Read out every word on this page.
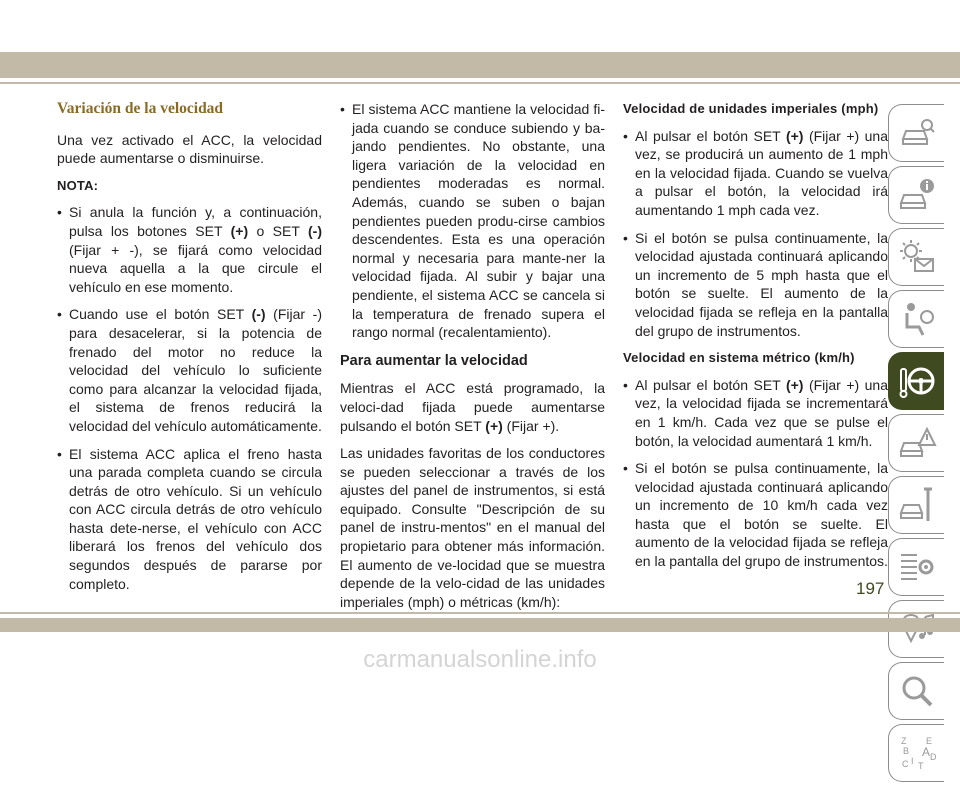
Variación de la velocidad

Una vez activado el ACC, la velocidad puede aumentarse o disminuirse.

NOTA:
• Si anula la función y, a continuación, pulsa los botones SET (+) o SET (-) (Fijar + -), se fijará como velocidad nueva aquella a la que circule el vehículo en ese momento.
• Cuando use el botón SET (-) (Fijar -) para desacelerar, si la potencia de frenado del motor no reduce la velocidad del vehículo lo suficiente como para alcanzar la velocidad fijada, el sistema de frenos reducirá la velocidad del vehículo automáticamente.
• El sistema ACC aplica el freno hasta una parada completa cuando se circula detrás de otro vehículo. Si un vehículo con ACC circula detrás de otro vehículo hasta dete-nerse, el vehículo con ACC liberará los frenos del vehículo dos segundos después de pararse por completo.
• El sistema ACC mantiene la velocidad fi-jada cuando se conduce subiendo y ba-jando pendientes. No obstante, una ligera variación de la velocidad en pendientes moderadas es normal. Además, cuando se suben o bajan pendientes pueden produ-cirse cambios descendentes. Esta es una operación normal y necesaria para mante-ner la velocidad fijada. Al subir y bajar una pendiente, el sistema ACC se cancela si la temperatura de frenado supera el rango normal (recalentamiento).
Para aumentar la velocidad

Mientras el ACC está programado, la veloci-dad fijada puede aumentarse pulsando el botón SET (+) (Fijar +).

Las unidades favoritas de los conductores se pueden seleccionar a través de los ajustes del panel de instrumentos, si está equipado. Consulte "Descripción de su panel de instru-mentos" en el manual del propietario para obtener más información. El aumento de ve-locidad que se muestra depende de la velo-cidad de las unidades imperiales (mph) o métricas (km/h):

Velocidad de unidades imperiales (mph)
• Al pulsar el botón SET (+) (Fijar +) una vez, se producirá un aumento de 1 mph en la velocidad fijada. Cuando se vuelva a pulsar el botón, la velocidad irá aumentando 1 mph cada vez.
• Si el botón se pulsa continuamente, la velocidad ajustada continuará aplicando un incremento de 5 mph hasta que el botón se suelte. El aumento de la velocidad fijada se refleja en la pantalla del grupo de instrumentos.
Velocidad en sistema métrico (km/h)
• Al pulsar el botón SET (+) (Fijar +) una vez, la velocidad fijada se incrementará en 1 km/h. Cada vez que se pulse el botón, la velocidad aumentará 1 km/h.
• Si el botón se pulsa continuamente, la velocidad ajustada continuará aplicando un incremento de 10 km/h cada vez hasta que el botón se suelte. El aumento de la velocidad fijada se refleja en la pantalla del grupo de instrumentos.
Z E
B A D
I
C T
197
carmanualsonline.info
